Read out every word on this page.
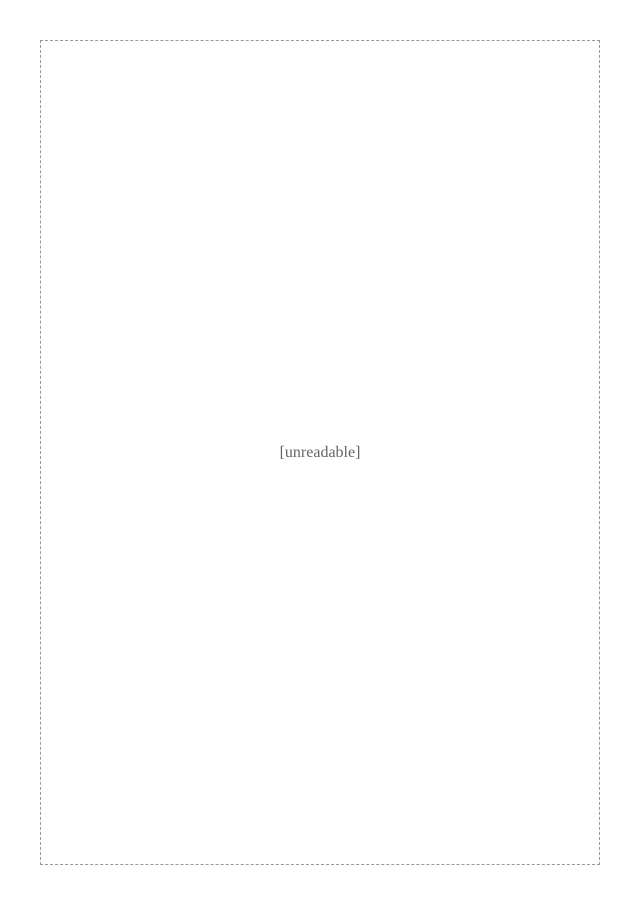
[unreadable]
